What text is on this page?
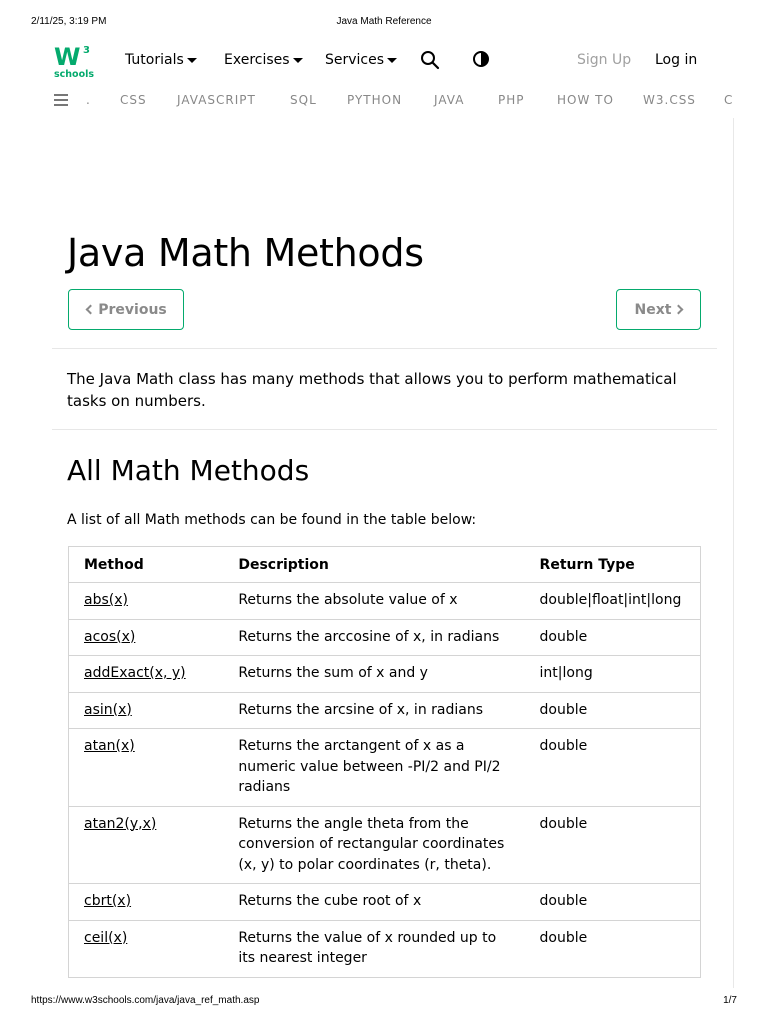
2/11/25, 3:19 PM	Java Math Reference
W 3
schools
Tutorials	Exercises	Services	Sign Up Log in
. CSS	JAVASCRIPT	SQL	PYTHON	JAVA	PHP	HOW TO W3.CSS C
Java Math Methods
Previous	Next

The Java Math class has many methods that allows you to perform mathematical tasks on numbers.

All Math Methods

A list of all Math methods can be found in the table below:

Method	Description	Return Type
abs(x)	Returns the absolute value of x	double|float|int|long
acos(x)	Returns the arccosine of x, in radians	double
addExact(x, y)	Returns the sum of x and y	int|long
asin(x)	Returns the arcsine of x, in radians	double
atan(x)	Returns the arctangent of x as a numeric value between -PI/2 and PI/2 radians	double
atan2(y,x)	Returns the angle theta from the conversion of rectangular coordinates (x, y) to polar coordinates (r, theta).	double
cbrt(x)	Returns the cube root of x	double
ceil(x)	Returns the value of x rounded up to its nearest integer	double
https://www.w3schools.com/java/java_ref_math.asp	1/7
